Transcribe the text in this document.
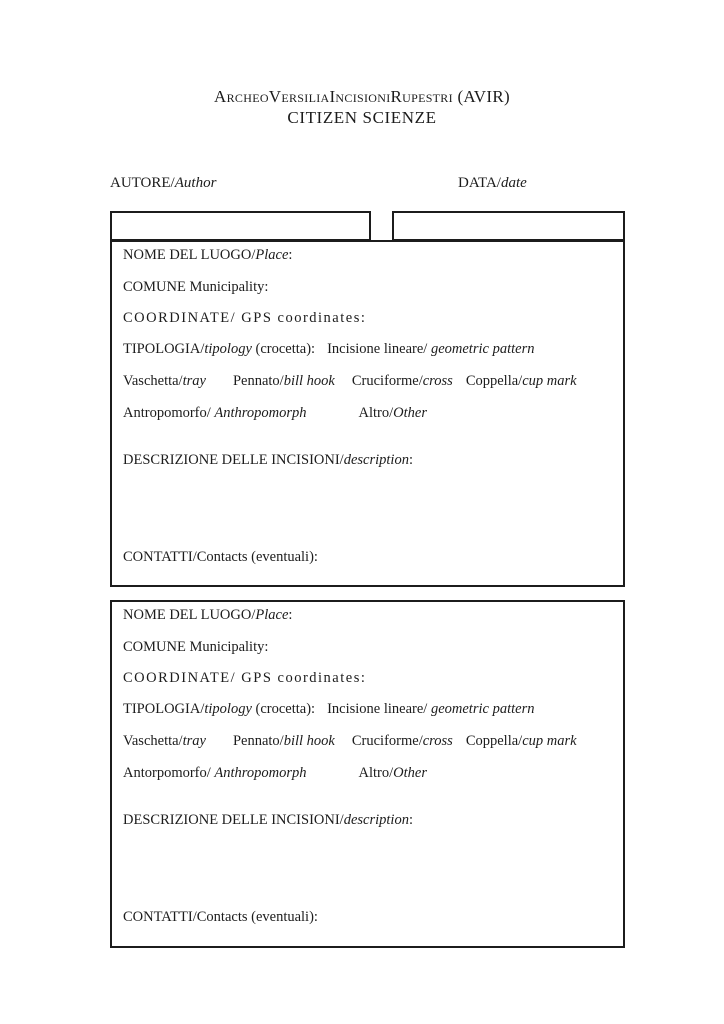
ArcheoVersiliaIncisioniRupestri (AVIR)
CITIZEN SCIENZE
AUTORE/Author	DATA/date
NOME DEL LUOGO/Place:
COMUNE Municipality:
COORDINATE/ GPS coordinates:
TIPOLOGIA/tipology (crocetta): Incisione lineare/ geometric pattern
Vaschetta/tray Pennato/bill hook Cruciforme/cross Coppella/cup mark
Antropomorfo/ Anthropomorph	Altro/Other
DESCRIZIONE DELLE INCISIONI/description:
CONTATTI/Contacts (eventuali):
NOME DEL LUOGO/Place:
COMUNE Municipality:
COORDINATE/ GPS coordinates:
TIPOLOGIA/tipology (crocetta): Incisione lineare/ geometric pattern
Vaschetta/tray Pennato/bill hook Cruciforme/cross Coppella/cup mark
Antorpomorfo/ Anthropomorph	Altro/Other
DESCRIZIONE DELLE INCISIONI/description:
CONTATTI/Contacts (eventuali):
